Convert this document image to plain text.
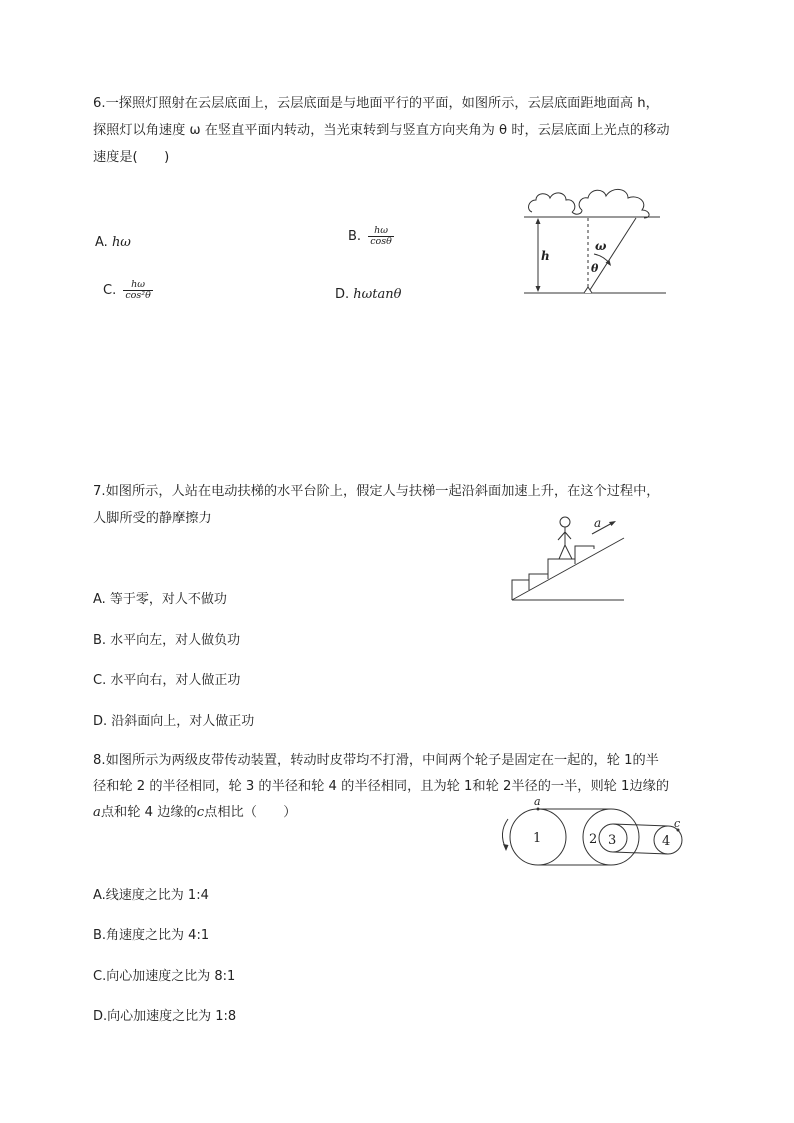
6.一探照灯照射在云层底面上，云层底面是与地面平行的平面，如图所示，云层底面距地面高 h，
探照灯以角速度 ω 在竖直平面内转动，当光束转到与竖直方向夹角为 θ 时，云层底面上光点的移动
速度是(　　)
A. hω	B. $\frac{h\omega}{\cos\theta}$
C. $\frac{h\omega}{\text{cos²θ}}$	D. hωtanθ
h
ω
θ
7.如图所示，人站在电动扶梯的水平台阶上，假定人与扶梯一起沿斜面加速上升，在这个过程中，
人脚所受的静摩擦力	a
A. 等于零，对人不做功
B. 水平向左，对人做负功
C. 水平向右，对人做正功
D. 沿斜面向上，对人做正功
8.如图所示为两级皮带传动装置，转动时皮带均不打滑，中间两个轮子是固定在一起的，轮 1的半
径和轮 2 的半径相同，轮 3 的半径和轮 4 的半径相同，且为轮 1和轮 2半径的一半，则轮 1边缘的
a点和轮 4 边缘的c点相比（　　）
a
c
1	2 3	4
A.线速度之比为 1:4
B.角速度之比为 4:1
C.向心加速度之比为 8:1
D.向心加速度之比为 1:8
